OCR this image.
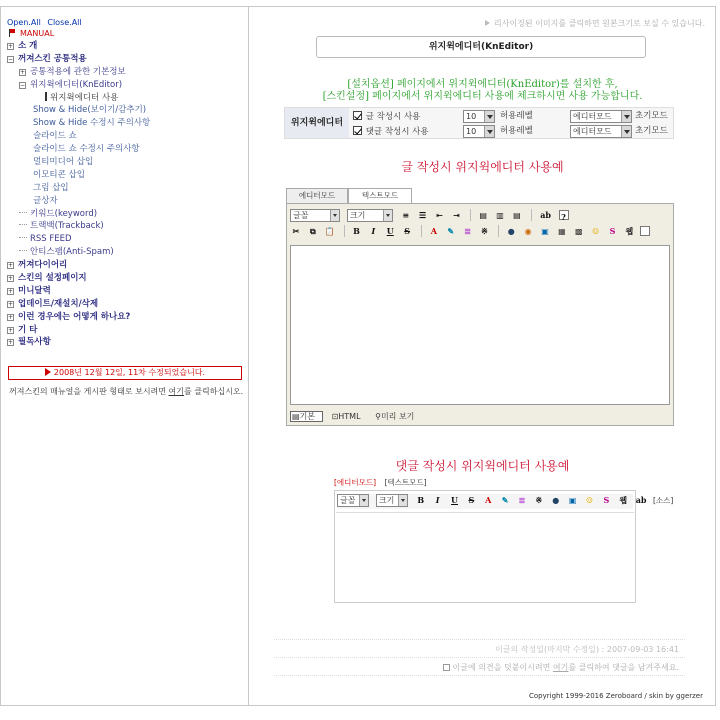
Open.All Close.All
MANUAL
+ 소 개
− 꺼져스킨 공통적용
+ 공통적용에 관한 기본정보
− 위지윅에디터(KnEditor)
위지윅에디터 사용
Show & Hide(보이기/감추기)
Show & Hide 수정시 주의사항
슬라이드 쇼
슬라이드 쇼 수정시 주의사항
멀티미디어 삽입
이모티콘 삽입
그림 삽입
글상자
키워드(keyword)
트랙백(Trackback)
RSS FEED
안티스팸(Anti-Spam)
+ 꺼져다이어리
+ 스킨의 설정페이지
+ 미니달력
+ 업데이트/재설치/삭제
+ 이런 경우에는 어떻게 하나요?
+ 기 타
+ 필독사항
2008년 12월 12일, 11차 수정되었습니다.
꺼져스킨의 매뉴얼을 게시판 형태로 보시려면 여기를 클릭하십시오.
리사이징된 이미지를 클릭하면 원본크기로 보실 수 있습니다.
위지윅에디터(KnEditor)
[설치옵션] 페이지에서 위지윅에디터(KnEditor)를 설치한 후,
[스킨설정] 페이지에서 위지윅에디터 사용에 체크하시면 사용 가능합니다.
위지윅에디터
글 작성시 사용	10	허용레벨	에디터모드	초기모드
댓글 작성시 사용	10	허용레벨	에디터모드	초기모드
글 작성시 위지윅에디터 사용예
에디터모드	텍스트모드
글꼴	크기	≡ ☰ ⇤ ⇥ ▤ ▥ ▤ ab ?
✂ ⧉ 📋 B I U S	A ✎ ≣ ※ ● ◉ ▣ ▦ ▩ ☺ S 웹
▤기본 ⊡HTML ⚲미리 보기
댓글 작성시 위지윅에디터 사용예
[에디터모드] [텍스트모드]
글꼴	크기	B I U S A ✎ ≣ ※ ● ▣ ☺ S 웹 ab [소스]
이글의 작성일(마지막 수정일) : 2007-09-03 16:41
이글에 의견을 덧붙이시려면 여기를 클릭하여 댓글을 남겨주세요.
Copyright 1999-2016 Zeroboard / skin by ggerzer
